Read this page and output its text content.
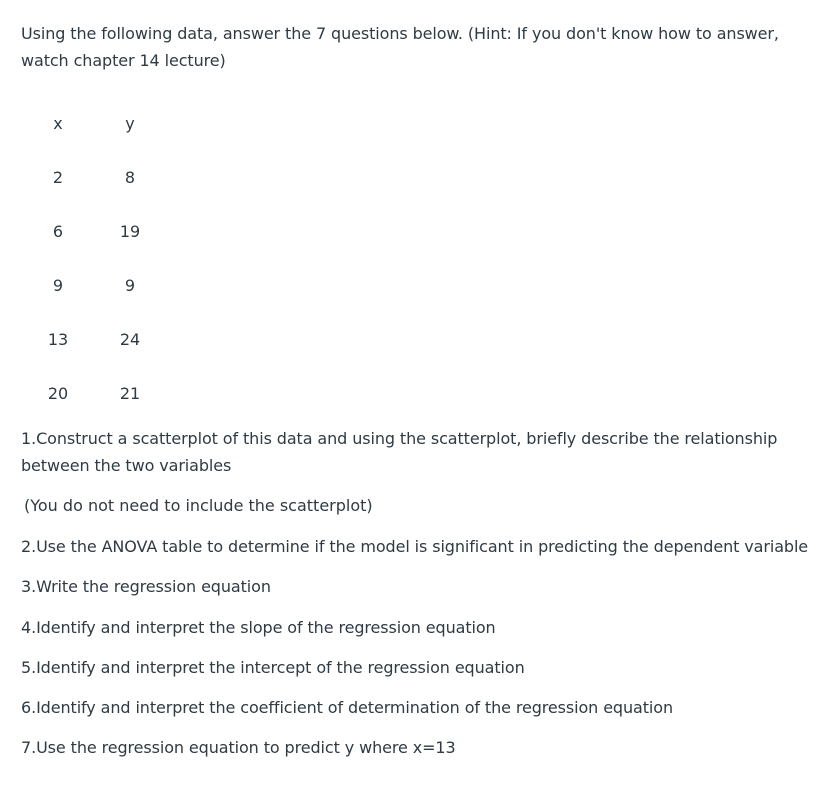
Using the following data, answer the 7 questions below. (Hint: If you don't know how to answer, watch chapter 14 lecture)

x	y
2	8
6	19
9	9
13	24
20	21

1.Construct a scatterplot of this data and using the scatterplot, briefly describe the relationship between the two variables

(You do not need to include the scatterplot)

2.Use the ANOVA table to determine if the model is significant in predicting the dependent variable
3.Write the regression equation
4.Identify and interpret the slope of the regression equation
5.Identify and interpret the intercept of the regression equation
6.Identify and interpret the coefficient of determination of the regression equation
7.Use the regression equation to predict y where x=13
